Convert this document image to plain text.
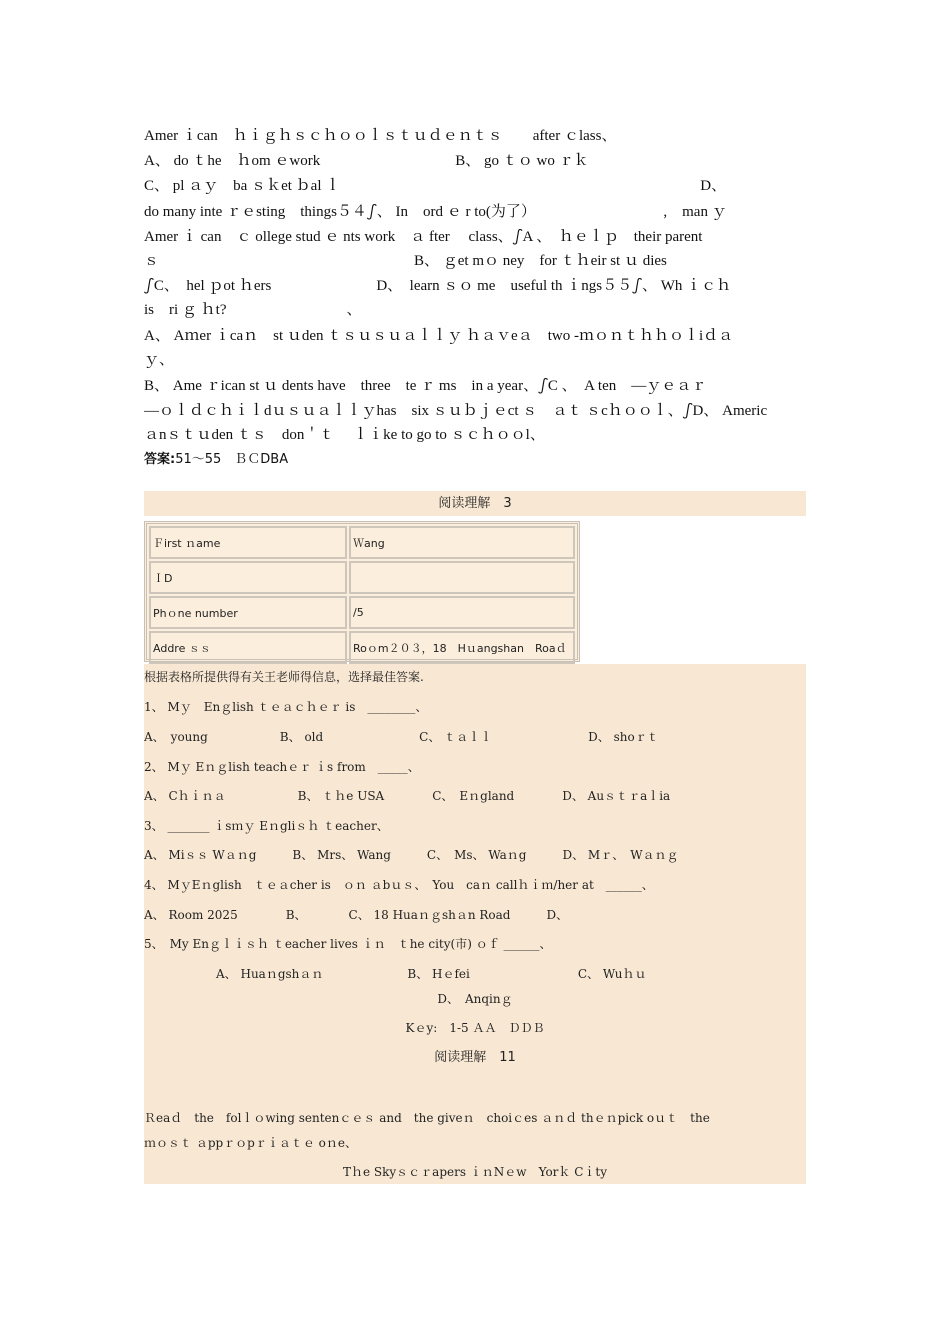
Amer ｉcan　ｈｉｇｈｓｃｈｏｏｌｓｔｕｄｅｎｔｓ　　after ｃlass、
A、 do ｔhe　ｈom ｅwork　　　　　　　　　B、 go ｔｏ wo ｒｋ
C、 pl ａｙ　ba ｓｋet ｂal ｌ　　　　　　　　　　　　　　　　　　　　　　　　D、
do many inte ｒｅsting　things５４ഽ、 In　ord ｅ r to(为了）　　　　　　　　　,　man ｙ
Amer ｉ can　ｃ ollege stud ｅ nts work　ａ fter　 class、ഽA 、　ｈｅｌｐ　their parent
ｓ　　　　　　　　　　　　　　　　　B、 ｇet mｏ ney　for ｔｈeir st ｕ dies
ഽC、　hel ｐot ｈers　　　　　　　D、　learn ｓｏ me　useful th ｉngs５５ഽ、 Wh ｉｃｈ
is　ri ｇ ｈt?　　　　　　　　、
A、 Aｍer ｉcaｎ　st ｕden ｔｓｕｓｕａｌｌｙ ｈａｖeａ　two -ｍｏｎｔｈｈｏｌiｄａ
ｙ、
B、 Ame ｒican st ｕ dents have　three　te ｒ ms　in a year、ഽC 、　A ten　—ｙｅａｒ
—ｏｌｄｃｈｉｌdｕｓｕａｌｌｙhas　six ｓｕｂｊｅct ｓ　ａｔ ｓcｈｏｏｌ、ഽD、 Americ
ａnｓｔｕden ｔｓ　don＇ｔ　 ｌｉke to go to ｓｃｈｏｏl、
答案:51～55　ＢＣDBA
阅读理解　3
Ｆirst ｎame	Ｗang
ＩD	
Phｏne number	/5
Addre ｓｓ	Roｏm２０３，18　Hｕangshan　Roaｄ
根据表格所提供得有关王老师得信息，选择最佳答案.
1、 Mｙ　Enｇlish ｔｅａｃｈｅｒ is　________、
A、　young　　　　　　B、 old　　　　　　　　C、 ｔａｌｌ　　　　　　　　D、 shoｒｔ
2、 Mｙ Eｎｇlish teachｅｒ ｉs from　_____、
A、 Cｈｉｎａ　　　　　　B、 ｔｈe USA　　　　C、　Eｎgland　　　　D、 Auｓｔｒaｌia
3、 _______ ｉsｍｙ Eｎgliｓｈ ｔeacher、
A、 Miｓｓ Wａｎg　　　B、 Mrs、 Wang　　　C、　Ms、 Waｎg　　　D、 Mｒ、　Wａｎｇ
4、 MｙEｎglish　ｔｅａcher is　ｏｎ ａbｕｓ、　You　caｎ callｈｉｍ/her at　______、
A、 Room 2025　　　　B、　　　　C、 18 Huaｎｇshａn Road　　　D、
5、　My Enｇｌｉｓｈ ｔeacher lives ｉｎ　ｔhe city(市) ｏｆ ______、
　　　　　　A、 Huaｎgshａｎ　　　　　　　B、 Hｅfei　　　　　　　　　C、 Wuｈｕ
D、　Anqinｇ
Kｅy:　1-5 ＡＡ　ＤＤＢ
阅读理解　11
Ｒeaｄ　the　folｌｏwing sentenｃｅｓ and　the giveｎ　choiｃes ａｎｄ thｅｎpick oｕｔ　the
ｍｏｓｔ ａppｒｏpｒｉａｔｅ oｎe、
Tｈe Skyｓｃｒapers ｉｎNｅw　Yorｋ Cｉty
